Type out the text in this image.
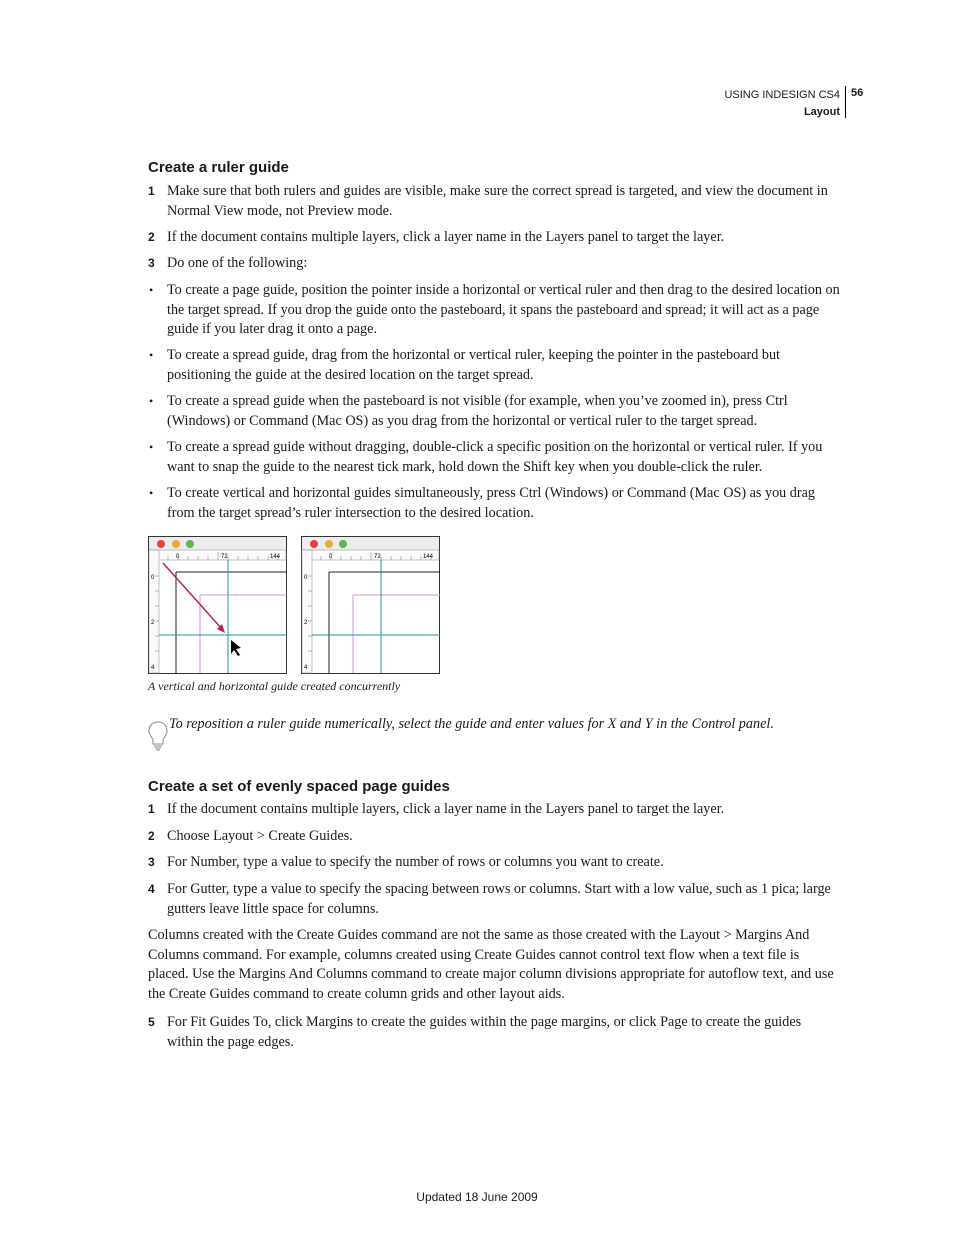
USING INDESIGN CS4
Layout
56
Create a ruler guide

1 Make sure that both rulers and guides are visible, make sure the correct spread is targeted, and view the document in Normal View mode, not Preview mode.

2 If the document contains multiple layers, click a layer name in the Layers panel to target the layer.

3 Do one of the following:

• To create a page guide, position the pointer inside a horizontal or vertical ruler and then drag to the desired location on the target spread. If you drop the guide onto the pasteboard, it spans the pasteboard and spread; it will act as a page guide if you later drag it onto a page.

• To create a spread guide, drag from the horizontal or vertical ruler, keeping the pointer in the pasteboard but positioning the guide at the desired location on the target spread.

• To create a spread guide when the pasteboard is not visible (for example, when you’ve zoomed in), press Ctrl (Windows) or Command (Mac OS) as you drag from the horizontal or vertical ruler to the target spread.

• To create a spread guide without dragging, double-click a specific position on the horizontal or vertical ruler. If you want to snap the guide to the nearest tick mark, hold down the Shift key when you double-click the ruler.

• To create vertical and horizontal guides simultaneously, press Ctrl (Windows) or Command (Mac OS) as you drag from the target spread’s ruler intersection to the desired location.

0	72	144
0
2
4
0	72	144
0
2
4
A vertical and horizontal guide created concurrently
To reposition a ruler guide numerically, select the guide and enter values for X and Y in the Control panel.
Create a set of evenly spaced page guides

1 If the document contains multiple layers, click a layer name in the Layers panel to target the layer.

2 Choose Layout > Create Guides.

3 For Number, type a value to specify the number of rows or columns you want to create.

4 For Gutter, type a value to specify the spacing between rows or columns. Start with a low value, such as 1 pica; large gutters leave little space for columns.

Columns created with the Create Guides command are not the same as those created with the Layout > Margins And Columns command. For example, columns created using Create Guides cannot control text flow when a text file is placed. Use the Margins And Columns command to create major column divisions appropriate for autoflow text, and use the Create Guides command to create column grids and other layout aids.

5 For Fit Guides To, click Margins to create the guides within the page margins, or click Page to create the guides within the page edges.

Updated 18 June 2009
